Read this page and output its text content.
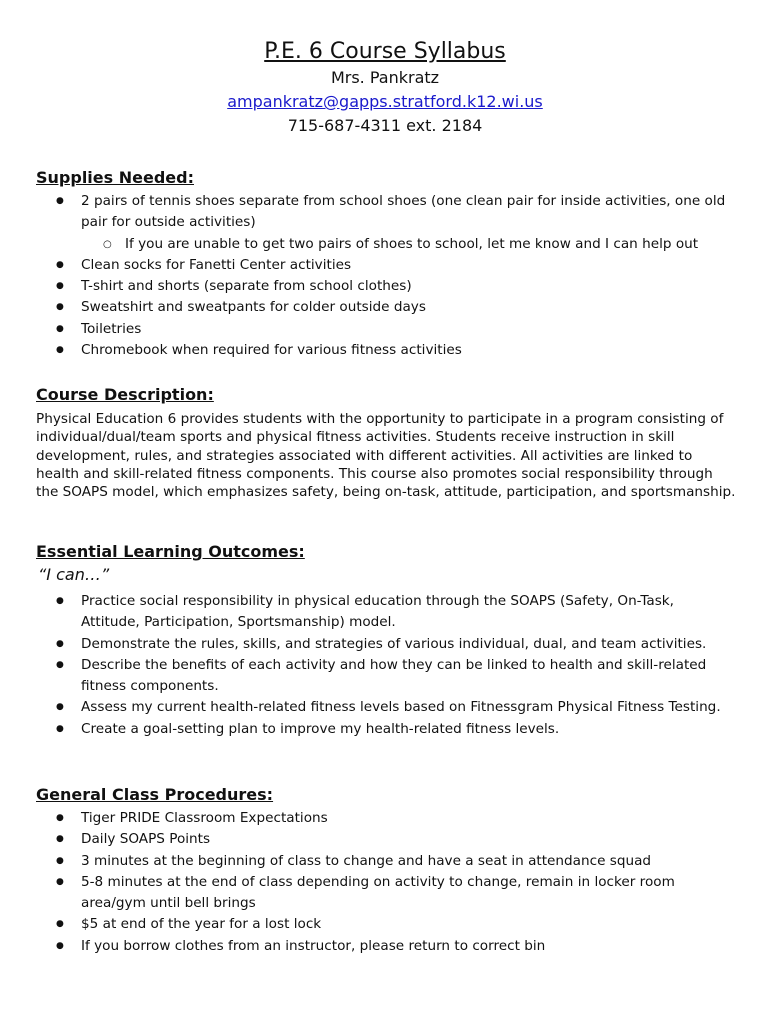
P.E. 6 Course Syllabus
Mrs. Pankratz
ampankratz@gapps.stratford.k12.wi.us
715-687-4311 ext. 2184
Supplies Needed:
● 2 pairs of tennis shoes separate from school shoes (one clean pair for inside activities, one old pair for outside activities)
○ If you are unable to get two pairs of shoes to school, let me know and I can help out
● Clean socks for Fanetti Center activities
● T-shirt and shorts (separate from school clothes)
● Sweatshirt and sweatpants for colder outside days
● Toiletries
● Chromebook when required for various fitness activities
Course Description:

Physical Education 6 provides students with the opportunity to participate in a program consisting of individual/dual/team sports and physical fitness activities. Students receive instruction in skill development, rules, and strategies associated with different activities. All activities are linked to health and skill-related fitness components. This course also promotes social responsibility through the SOAPS model, which emphasizes safety, being on-task, attitude, participation, and sportsmanship.

Essential Learning Outcomes:
“I can…”
● Practice social responsibility in physical education through the SOAPS (Safety, On-Task, Attitude, Participation, Sportsmanship) model.
● Demonstrate the rules, skills, and strategies of various individual, dual, and team activities.
● Describe the benefits of each activity and how they can be linked to health and skill-related fitness components.
● Assess my current health-related fitness levels based on Fitnessgram Physical Fitness Testing.
● Create a goal-setting plan to improve my health-related fitness levels.
General Class Procedures:
● Tiger PRIDE Classroom Expectations
● Daily SOAPS Points
● 3 minutes at the beginning of class to change and have a seat in attendance squad
● 5-8 minutes at the end of class depending on activity to change, remain in locker room area/gym until bell brings
● $5 at end of the year for a lost lock
● If you borrow clothes from an instructor, please return to correct bin
